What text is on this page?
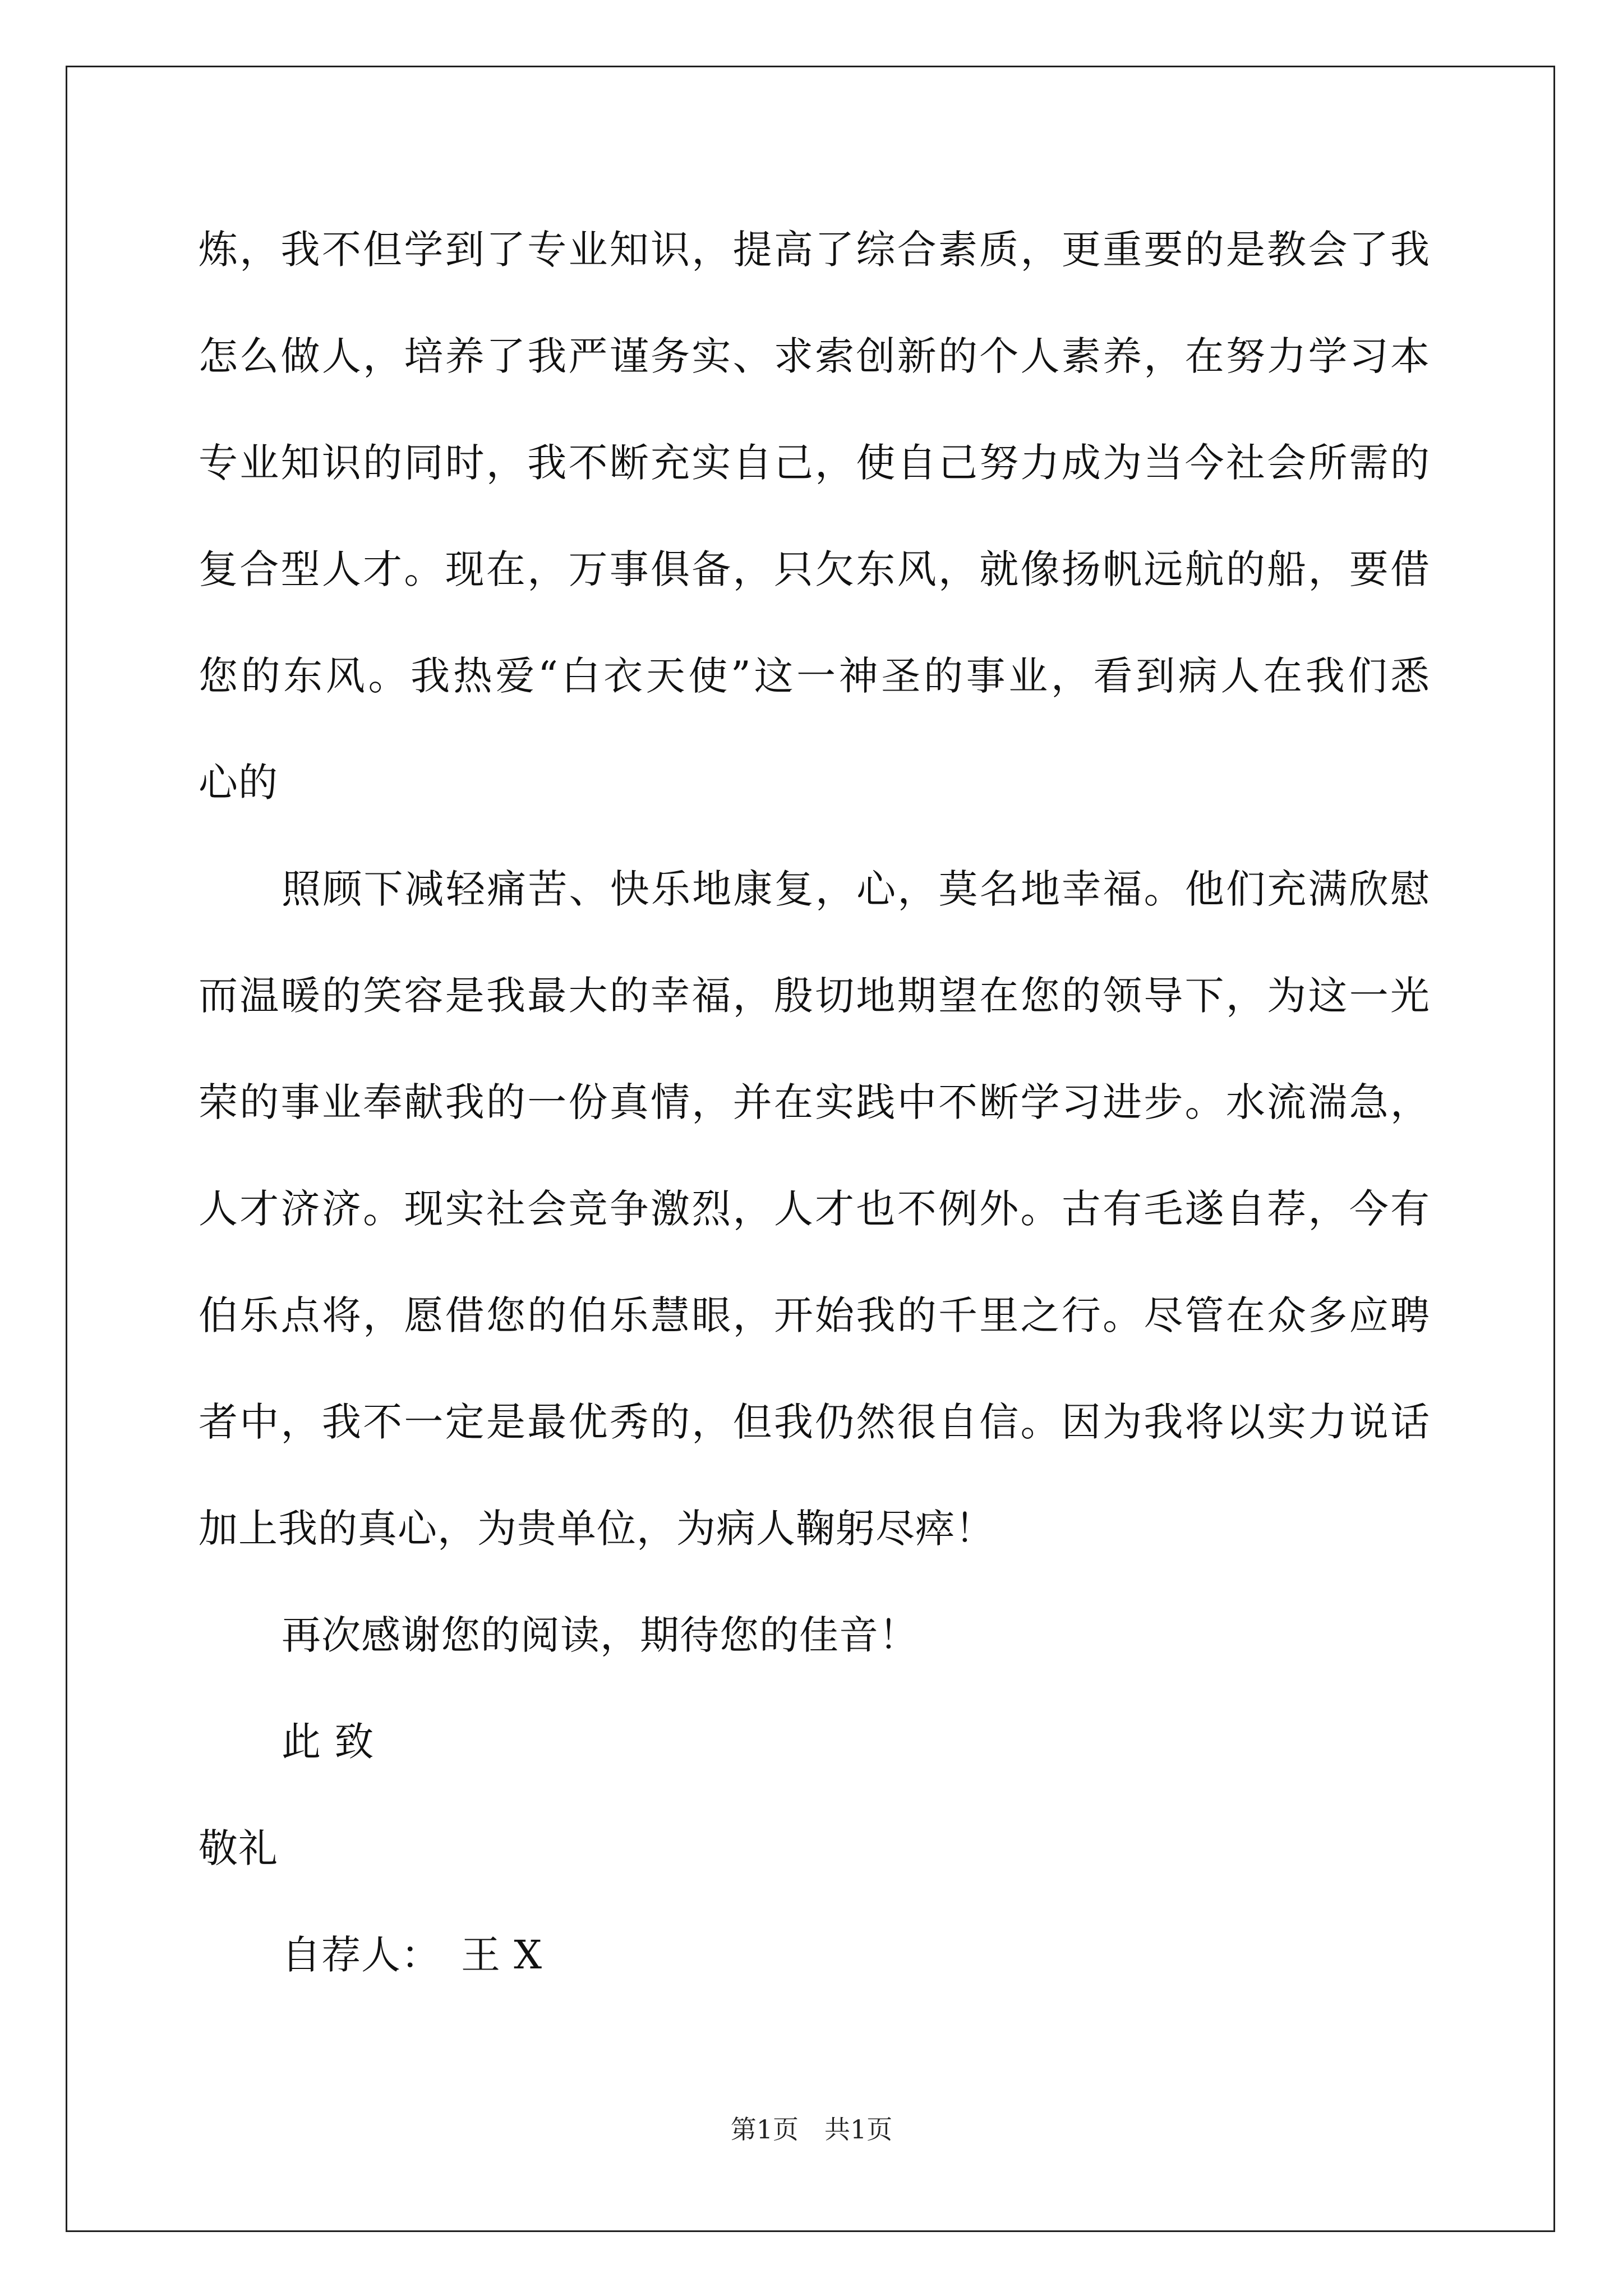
炼，我不但学到了专业知识，提高了综合素质，更重要的是教会了我
怎么做人，培养了我严谨务实、求索创新的个人素养，在努力学习本
专业知识的同时，我不断充实自己，使自己努力成为当今社会所需的
复合型人才。现在，万事俱备，只欠东风，就像扬帆远航的船，要借
您的东风。我热爱“白衣天使”这一神圣的事业，看到病人在我们悉
心的
照顾下减轻痛苦、快乐地康复，心，莫名地幸福。他们充满欣慰
而温暖的笑容是我最大的幸福，殷切地期望在您的领导下，为这一光
荣的事业奉献我的一份真情，并在实践中不断学习进步。水流湍急，
人才济济。现实社会竞争激烈，人才也不例外。古有毛遂自荐，今有
伯乐点将，愿借您的伯乐慧眼，开始我的千里之行。尽管在众多应聘
者中，我不一定是最优秀的，但我仍然很自信。因为我将以实力说话
加上我的真心，为贵单位，为病人鞠躬尽瘁！
再次感谢您的阅读，期待您的佳音！
此 致
敬礼
自荐人：　王 X
第1页　共1页
